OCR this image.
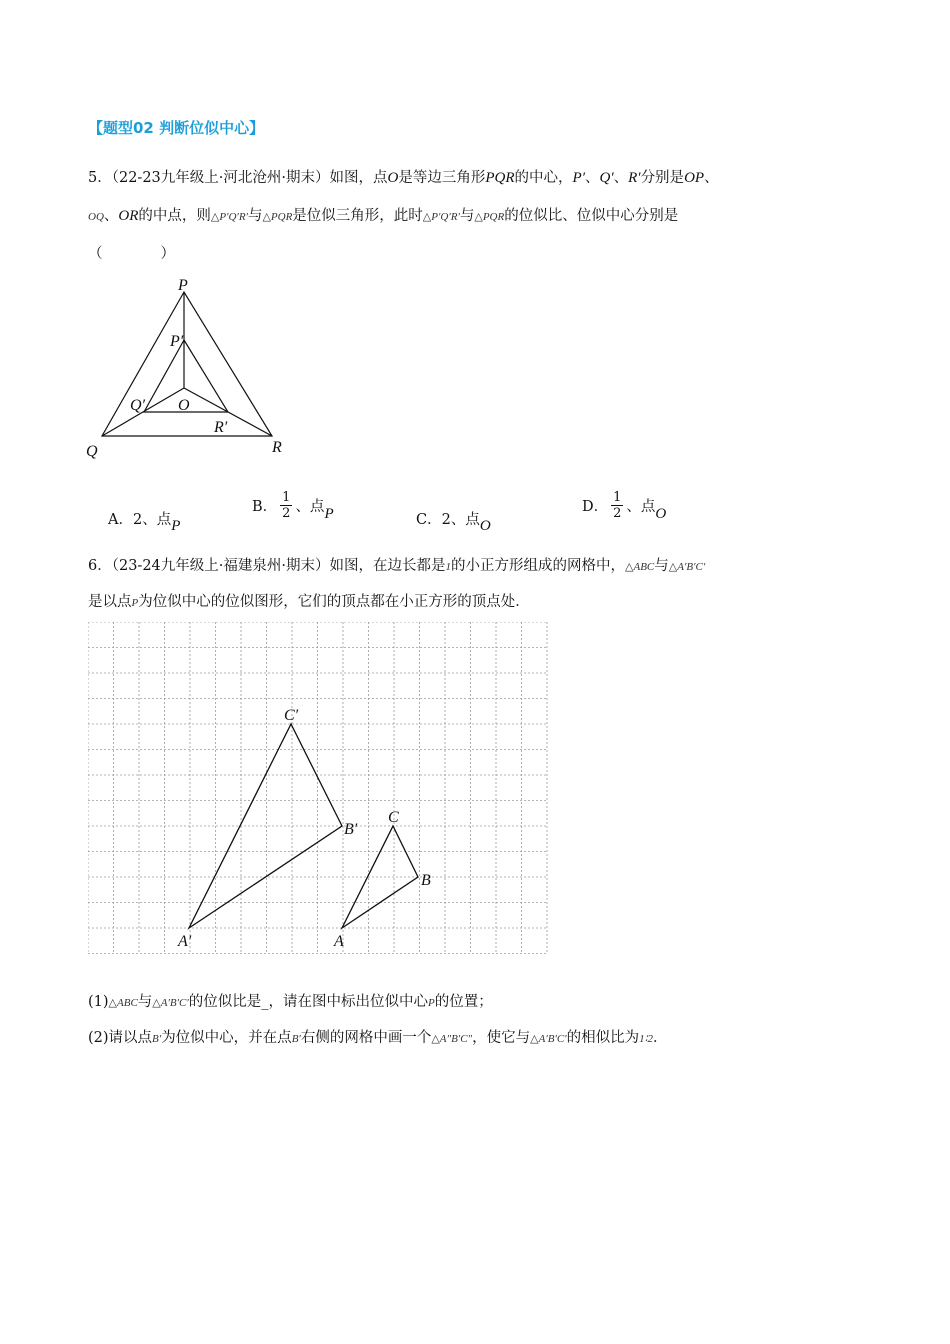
【题型02 判断位似中心】
5．（22-23九年级上·河北沧州·期末）如图，点O是等边三角形PQR的中心，P′、Q′、R′分别是OP、
OQ、OR的中点，则△P′Q′R′与△PQR是位似三角形，此时△P′Q′R′与△PQR的位似比、位似中心分别是
（　　　　）
P
P′
Q′ O
R′
Q	R
A．2、点P
B． $\frac{1}{2}$ 、点P	C．2、点O
D． $\frac{1}{2}$ 、点O
6．（23-24九年级上·福建泉州·期末）如图，在边长都是1的小正方形组成的网格中，△ABC与△A′B′C′
是以点P为位似中心的位似图形，它们的顶点都在小正方形的顶点处．
C′
B′
A′
C
B
A
(1)△ABC与△A′B′C′的位似比是_，请在图中标出位似中心P的位置；
(2)请以点B′为位似中心，并在点B′右侧的网格中画一个△A″B′C″，使它与△A′B′C′的相似比为1∶2．
